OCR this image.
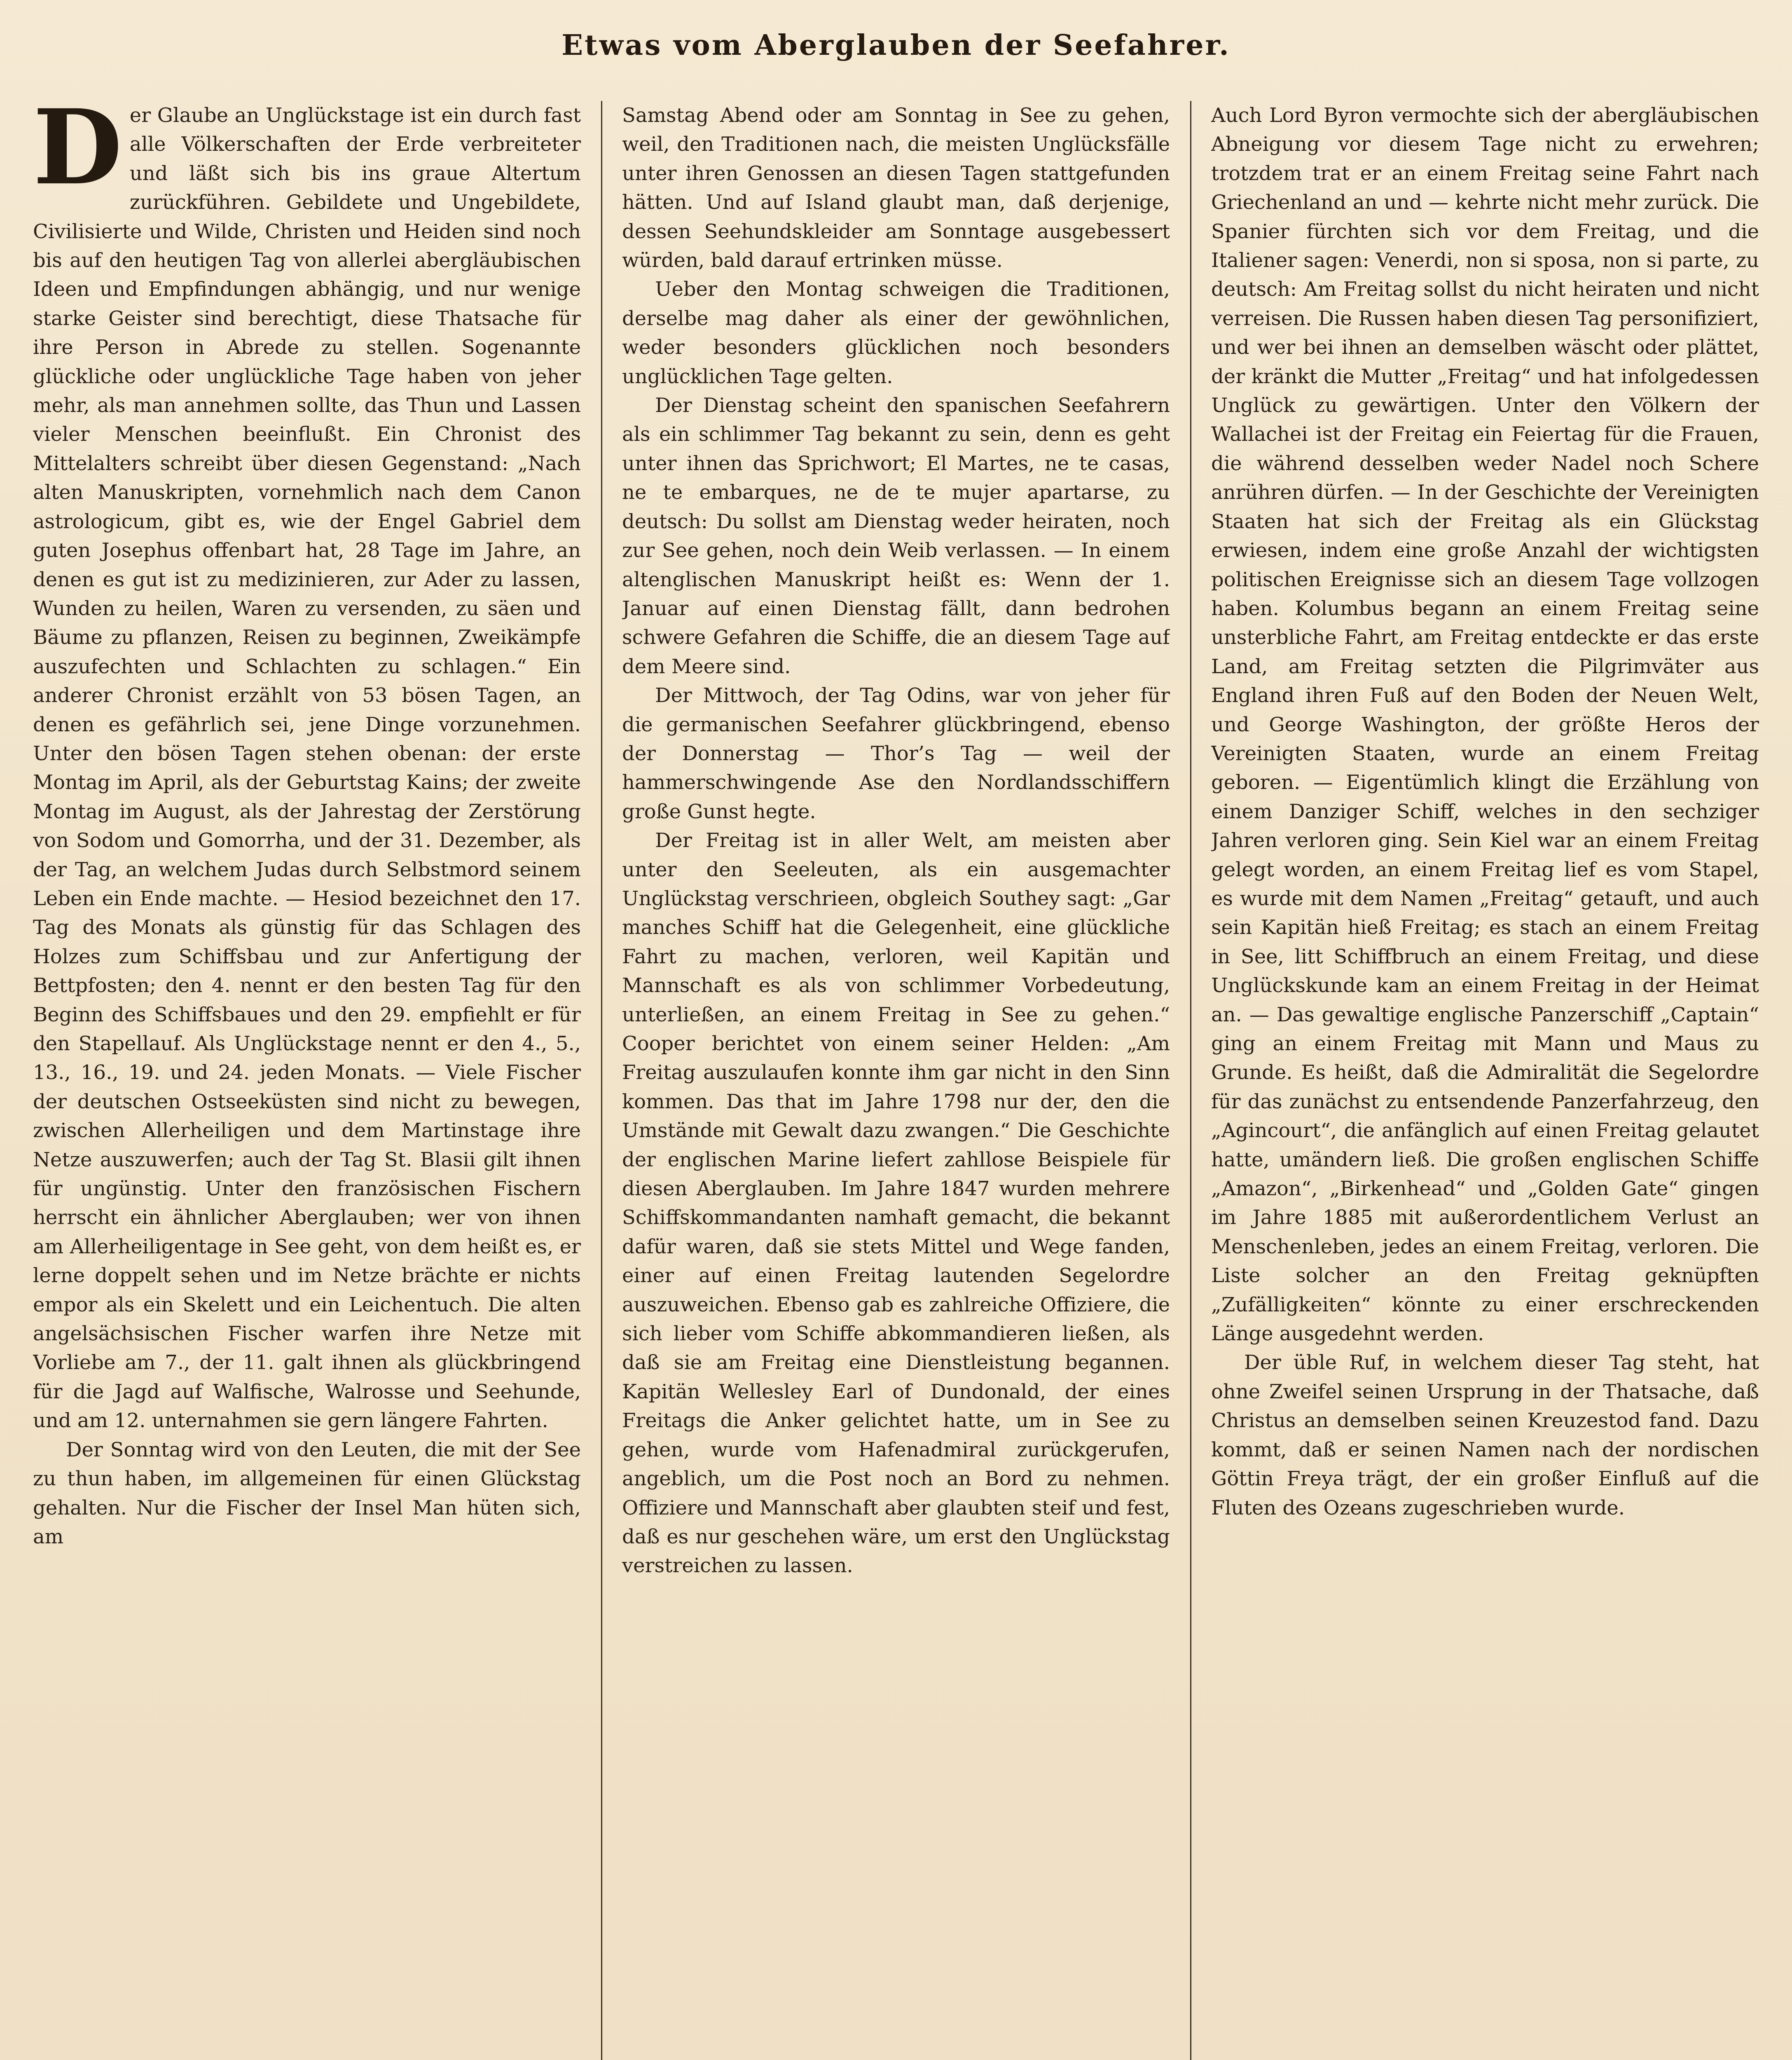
Etwas vom Aberglauben der Seefahrer.

Der Glaube an Unglückstage ist ein durch fast alle Völkerschaften der Erde verbreiteter und läßt sich bis ins graue Altertum zurückführen. Gebildete und Ungebildete, Civilisierte und Wilde, Christen und Heiden sind noch bis auf den heutigen Tag von allerlei abergläubischen Ideen und Empfindungen abhängig, und nur wenige starke Geister sind berechtigt, diese Thatsache für ihre Person in Abrede zu stellen. Sogenannte glückliche oder unglückliche Tage haben von jeher mehr, als man annehmen sollte, das Thun und Lassen vieler Menschen beeinflußt. Ein Chronist des Mittelalters schreibt über diesen Gegenstand: „Nach alten Manuskripten, vornehmlich nach dem Canon astrologicum, gibt es, wie der Engel Gabriel dem guten Josephus offenbart hat, 28 Tage im Jahre, an denen es gut ist zu medizinieren, zur Ader zu lassen, Wunden zu heilen, Waren zu versenden, zu säen und Bäume zu pflanzen, Reisen zu beginnen, Zweikämpfe auszufechten und Schlachten zu schlagen.“ Ein anderer Chronist erzählt von 53 bösen Tagen, an denen es gefährlich sei, jene Dinge vorzunehmen. Unter den bösen Tagen stehen obenan: der erste Montag im April, als der Geburtstag Kains; der zweite Montag im August, als der Jahrestag der Zerstörung von Sodom und Gomorrha, und der 31. Dezember, als der Tag, an welchem Judas durch Selbstmord seinem Leben ein Ende machte. — Hesiod bezeichnet den 17. Tag des Monats als günstig für das Schlagen des Holzes zum Schiffsbau und zur Anfertigung der Bettpfosten; den 4. nennt er den besten Tag für den Beginn des Schiffsbaues und den 29. empfiehlt er für den Stapellauf. Als Unglückstage nennt er den 4., 5., 13., 16., 19. und 24. jeden Monats. — Viele Fischer der deutschen Ostseeküsten sind nicht zu bewegen, zwischen Allerheiligen und dem Martinstage ihre Netze auszuwerfen; auch der Tag St. Blasii gilt ihnen für ungünstig. Unter den französischen Fischern herrscht ein ähnlicher Aberglauben; wer von ihnen am Allerheiligentage in See geht, von dem heißt es, er lerne doppelt sehen und im Netze brächte er nichts empor als ein Skelett und ein Leichentuch. Die alten angelsächsischen Fischer warfen ihre Netze mit Vorliebe am 7., der 11. galt ihnen als glückbringend für die Jagd auf Walfische, Walrosse und Seehunde, und am 12. unternahmen sie gern längere Fahrten.

Der Sonntag wird von den Leuten, die mit der See zu thun haben, im allgemeinen für einen Glückstag gehalten. Nur die Fischer der Insel Man hüten sich, am

Samstag Abend oder am Sonntag in See zu gehen, weil, den Traditionen nach, die meisten Unglücksfälle unter ihren Genossen an diesen Tagen stattgefunden hätten. Und auf Island glaubt man, daß derjenige, dessen Seehundskleider am Sonntage ausgebessert würden, bald darauf ertrinken müsse.

Ueber den Montag schweigen die Traditionen, derselbe mag daher als einer der gewöhnlichen, weder besonders glücklichen noch besonders unglücklichen Tage gelten.

Der Dienstag scheint den spanischen Seefahrern als ein schlimmer Tag bekannt zu sein, denn es geht unter ihnen das Sprichwort; El Martes, ne te casas, ne te embarques, ne de te mujer apartarse, zu deutsch: Du sollst am Dienstag weder heiraten, noch zur See gehen, noch dein Weib verlassen. — In einem altenglischen Manuskript heißt es: Wenn der 1. Januar auf einen Dienstag fällt, dann bedrohen schwere Gefahren die Schiffe, die an diesem Tage auf dem Meere sind.

Der Mittwoch, der Tag Odins, war von jeher für die germanischen Seefahrer glückbringend, ebenso der Donnerstag — Thor’s Tag — weil der hammerschwingende Ase den Nordlandsschiffern große Gunst hegte.

Der Freitag ist in aller Welt, am meisten aber unter den Seeleuten, als ein ausgemachter Unglückstag verschrieen, obgleich Southey sagt: „Gar manches Schiff hat die Gelegenheit, eine glückliche Fahrt zu machen, verloren, weil Kapitän und Mannschaft es als von schlimmer Vorbedeutung, unterließen, an einem Freitag in See zu gehen.“ Cooper berichtet von einem seiner Helden: „Am Freitag auszulaufen konnte ihm gar nicht in den Sinn kommen. Das that im Jahre 1798 nur der, den die Umstände mit Gewalt dazu zwangen.“ Die Geschichte der englischen Marine liefert zahllose Beispiele für diesen Aberglauben. Im Jahre 1847 wurden mehrere Schiffskommandanten namhaft gemacht, die bekannt dafür waren, daß sie stets Mittel und Wege fanden, einer auf einen Freitag lautenden Segelordre auszuweichen. Ebenso gab es zahlreiche Offiziere, die sich lieber vom Schiffe abkommandieren ließen, als daß sie am Freitag eine Dienstleistung begannen. Kapitän Wellesley Earl of Dundonald, der eines Freitags die Anker gelichtet hatte, um in See zu gehen, wurde vom Hafenadmiral zurückgerufen, angeblich, um die Post noch an Bord zu nehmen. Offiziere und Mannschaft aber glaubten steif und fest, daß es nur geschehen wäre, um erst den Unglückstag verstreichen zu lassen.

Auch Lord Byron vermochte sich der abergläubischen Abneigung vor diesem Tage nicht zu erwehren; trotzdem trat er an einem Freitag seine Fahrt nach Griechenland an und — kehrte nicht mehr zurück. Die Spanier fürchten sich vor dem Freitag, und die Italiener sagen: Venerdi, non si sposa, non si parte, zu deutsch: Am Freitag sollst du nicht heiraten und nicht verreisen. Die Russen haben diesen Tag personifiziert, und wer bei ihnen an demselben wäscht oder plättet, der kränkt die Mutter „Freitag“ und hat infolgedessen Unglück zu gewärtigen. Unter den Völkern der Wallachei ist der Freitag ein Feiertag für die Frauen, die während desselben weder Nadel noch Schere anrühren dürfen. — In der Geschichte der Vereinigten Staaten hat sich der Freitag als ein Glückstag erwiesen, indem eine große Anzahl der wichtigsten politischen Ereignisse sich an diesem Tage vollzogen haben. Kolumbus begann an einem Freitag seine unsterbliche Fahrt, am Freitag entdeckte er das erste Land, am Freitag setzten die Pilgrimväter aus England ihren Fuß auf den Boden der Neuen Welt, und George Washington, der größte Heros der Vereinigten Staaten, wurde an einem Freitag geboren. — Eigentümlich klingt die Erzählung von einem Danziger Schiff, welches in den sechziger Jahren verloren ging. Sein Kiel war an einem Freitag gelegt worden, an einem Freitag lief es vom Stapel, es wurde mit dem Namen „Freitag“ getauft, und auch sein Kapitän hieß Freitag; es stach an einem Freitag in See, litt Schiffbruch an einem Freitag, und diese Unglückskunde kam an einem Freitag in der Heimat an. — Das gewaltige englische Panzerschiff „Captain“ ging an einem Freitag mit Mann und Maus zu Grunde. Es heißt, daß die Admiralität die Segelordre für das zunächst zu entsendende Panzerfahrzeug, den „Agincourt“, die anfänglich auf einen Freitag gelautet hatte, umändern ließ. Die großen englischen Schiffe „Amazon“, „Birkenhead“ und „Golden Gate“ gingen im Jahre 1885 mit außerordentlichem Verlust an Menschenleben, jedes an einem Freitag, verloren. Die Liste solcher an den Freitag geknüpften „Zufälligkeiten“ könnte zu einer erschreckenden Länge ausgedehnt werden.

Der üble Ruf, in welchem dieser Tag steht, hat ohne Zweifel seinen Ursprung in der Thatsache, daß Christus an demselben seinen Kreuzestod fand. Dazu kommt, daß er seinen Namen nach der nordischen Göttin Freya trägt, der ein großer Einfluß auf die Fluten des Ozeans zugeschrieben wurde.
